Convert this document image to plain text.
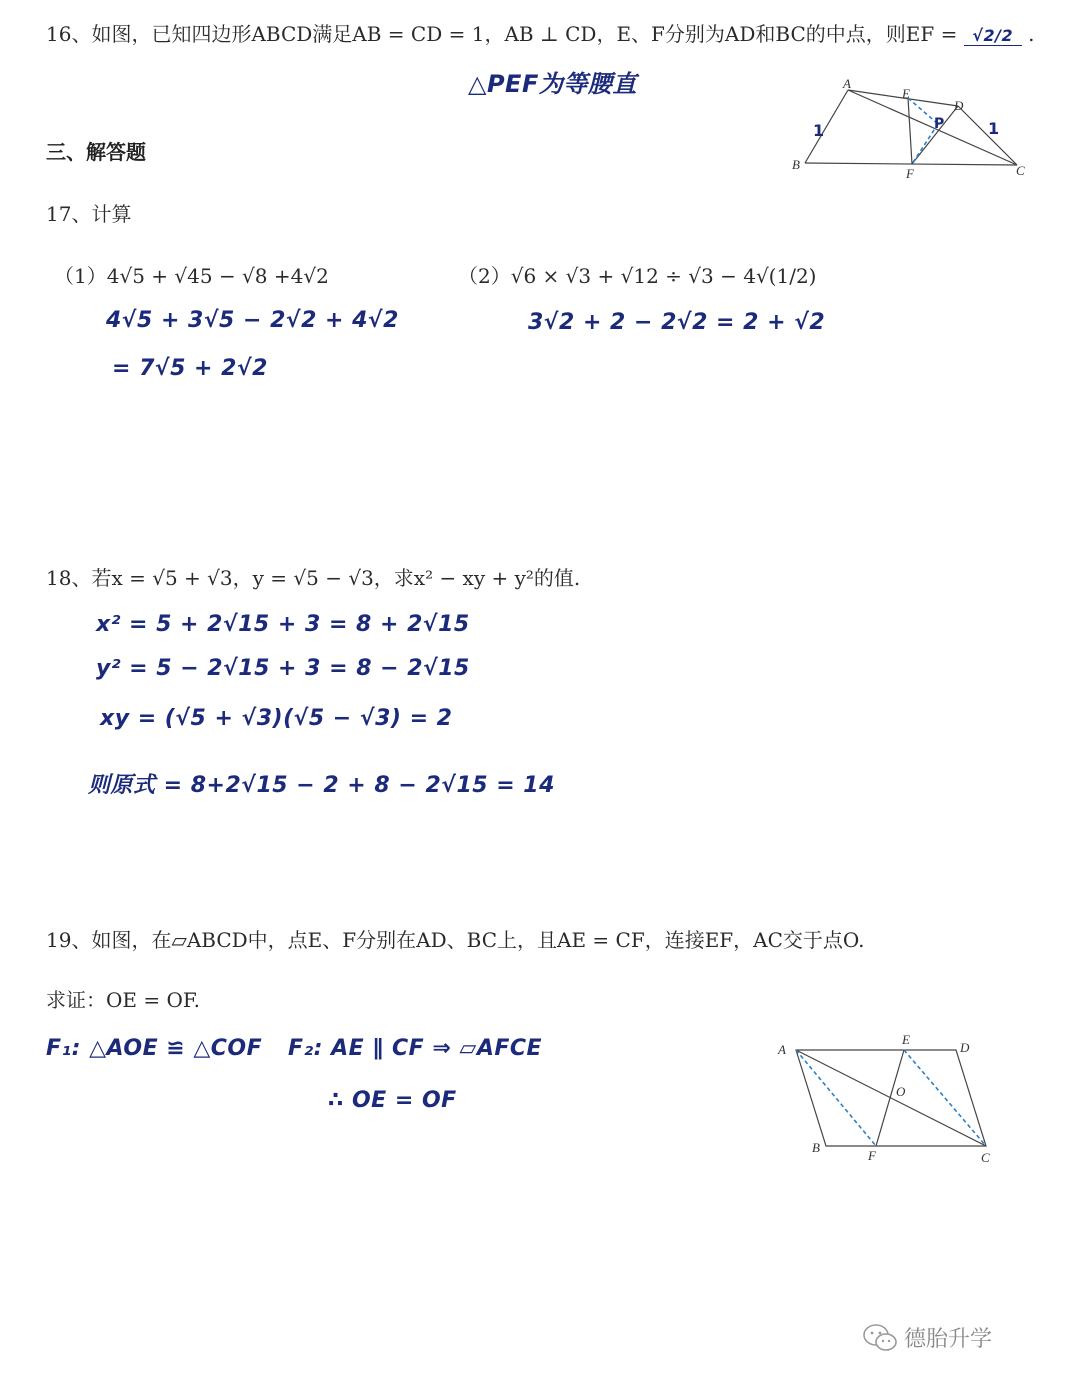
16、如图，已知四边形ABCD满足AB = CD = 1，AB ⊥ CD，E、F分别为AD和BC的中点，则EF = √2/2 .
△PEF为等腰直	A
B	C
D
E
F
P
1	1
三、解答题
17、计算
（1）4√5 + √45 − √8 +4√2	（2）√6 × √3 + √12 ÷ √3 − 4√(1/2)
4√5 + 3√5 − 2√2 + 4√2
= 7√5 + 2√2
3√2 + 2 − 2√2 = 2 + √2
18、若x = √5 + √3，y = √5 − √3，求x² − xy + y²的值.
x² = 5 + 2√15 + 3 = 8 + 2√15
y² = 5 − 2√15 + 3 = 8 − 2√15
xy = (√5 + √3)(√5 − √3) = 2
则原式 = 8+2√15 − 2 + 8 − 2√15 = 14
19、如图，在▱ABCD中，点E、F分别在AD、BC上，且AE = CF，连接EF，AC交于点O.
求证：OE = OF.
F₁: △AOE ≌ △COF F₂: AE ∥ CF ⇒ ▱AFCE
∴ OE = OF
A
B
C
D
E
F
O
德胎升学
